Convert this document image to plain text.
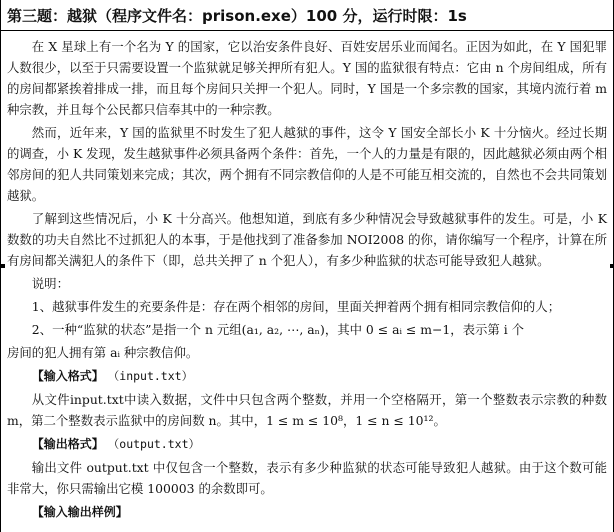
第三题：越狱（程序文件名：prison.exe）100 分，运行时限：1s

在 X 星球上有一个名为 Y 的国家，它以治安条件良好、百姓安居乐业而闻名。正因为如此，在 Y 国犯罪人数很少，以至于只需要设置一个监狱就足够关押所有犯人。Y 国的监狱很有特点：它由 n 个房间组成，所有的房间都紧挨着排成一排，而且每个房间只关押一个犯人。同时，Y 国是一个多宗教的国家，其境内流行着 m 种宗教，并且每个公民都只信奉其中的一种宗教。

然而，近年来，Y 国的监狱里不时发生了犯人越狱的事件，这令 Y 国安全部长小 K 十分恼火。经过长期的调查，小 K 发现，发生越狱事件必须具备两个条件：首先，一个人的力量是有限的，因此越狱必须由两个相邻房间的犯人共同策划来完成；其次，两个拥有不同宗教信仰的人是不可能互相交流的，自然也不会共同策划越狱。

了解到这些情况后，小 K 十分高兴。他想知道，到底有多少种情况会导致越狱事件的发生。可是，小 K 数数的功夫自然比不过抓犯人的本事，于是他找到了准备参加 NOI2008 的你，请你编写一个程序，计算在所有房间都关满犯人的条件下（即，总共关押了 n 个犯人），有多少种监狱的状态可能导致犯人越狱。

说明：

1、越狱事件发生的充要条件是：存在两个相邻的房间，里面关押着两个拥有相同宗教信仰的人；

2、一种“监狱的状态”是指一个 n 元组(a₁, a₂, ⋯, aₙ)，其中 0 ≤ aᵢ ≤ m−1，表示第 i 个

房间的犯人拥有第 aᵢ 种宗教信仰。

【输入格式】 （input.txt）

从文件input.txt中读入数据，文件中只包含两个整数，并用一个空格隔开，第一个整数表示宗教的种数 m，第二个整数表示监狱中的房间数 n。其中，1 ≤ m ≤ 10⁸，1 ≤ n ≤ 10¹²。

【输出格式】 （output.txt）

输出文件 output.txt 中仅包含一个整数，表示有多少种监狱的状态可能导致犯人越狱。由于这个数可能非常大，你只需输出它模 100003 的余数即可。

【输入输出样例】
